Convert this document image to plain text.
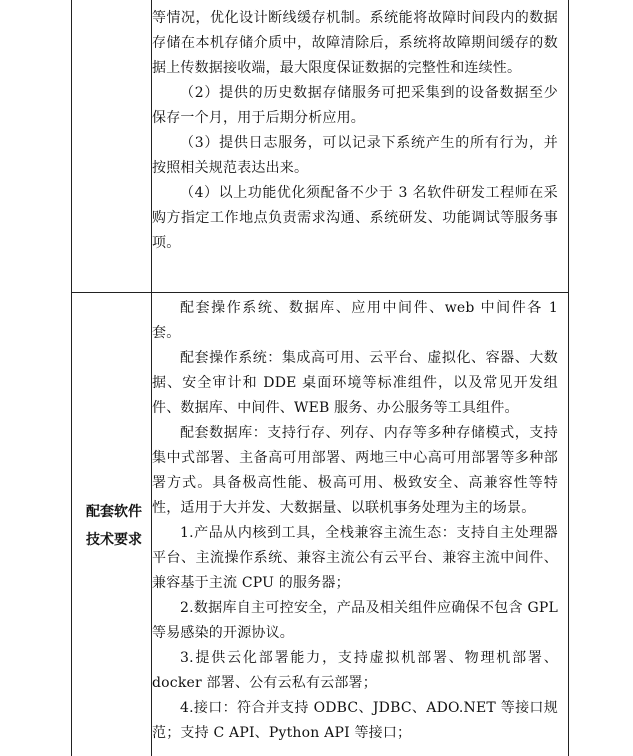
等情况，优化设计断线缓存机制。系统能将故障时间段内的数据存储在本机存储介质中，故障清除后，系统将故障期间缓存的数据上传数据接收端，最大限度保证数据的完整性和连续性。

（2）提供的历史数据存储服务可把采集到的设备数据至少保存一个月，用于后期分析应用。

（3）提供日志服务，可以记录下系统产生的所有行为，并按照相关规范表达出来。

（4）以上功能优化须配备不少于 3 名软件研发工程师在采购方指定工作地点负责需求沟通、系统研发、功能调试等服务事项。

配套软件
技术要求

配套操作系统、数据库、应用中间件、web 中间件各 1 套。

配套操作系统：集成高可用、云平台、虚拟化、容器、大数据、安全审计和 DDE 桌面环境等标准组件，以及常见开发组件、数据库、中间件、WEB 服务、办公服务等工具组件。

配套数据库：支持行存、列存、内存等多种存储模式，支持集中式部署、主备高可用部署、两地三中心高可用部署等多种部署方式。具备极高性能、极高可用、极致安全、高兼容性等特性，适用于大并发、大数据量、以联机事务处理为主的场景。

1.产品从内核到工具，全栈兼容主流生态：支持自主处理器平台、主流操作系统、兼容主流公有云平台、兼容主流中间件、兼容基于主流 CPU 的服务器；

2.数据库自主可控安全，产品及相关组件应确保不包含 GPL 等易感染的开源协议。

3.提供云化部署能力，支持虚拟机部署、物理机部署、docker 部署、公有云私有云部署；

4.接口：符合并支持 ODBC、JDBC、ADO.NET 等接口规范；支持 C API、Python API 等接口；
